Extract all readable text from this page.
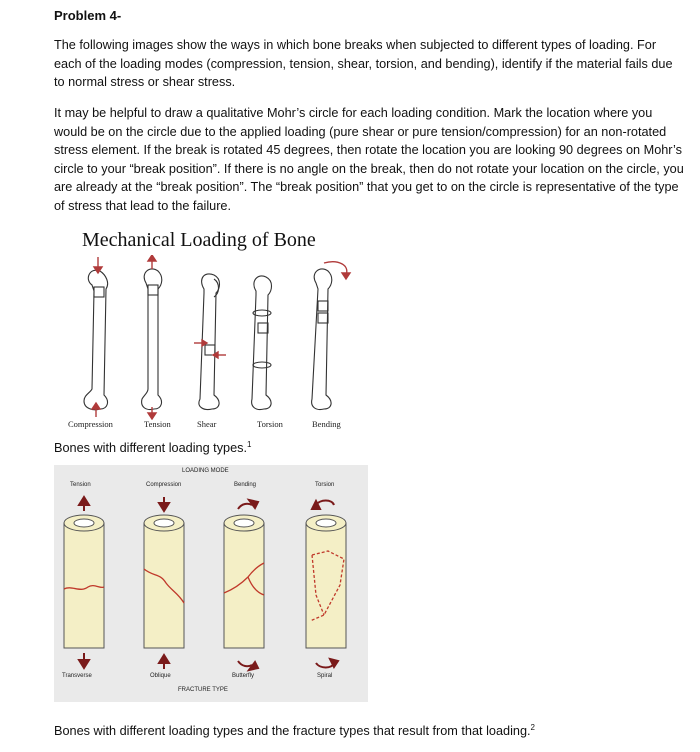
Problem 4-
The following images show the ways in which bone breaks when subjected to different types of loading. For each of the loading modes (compression, tension, shear, torsion, and bending), identify if the material fails due to normal stress or shear stress.
It may be helpful to draw a qualitative Mohr’s circle for each loading condition. Mark the location where you would be on the circle due to the applied loading (pure shear or pure tension/compression) for an non-rotated stress element. If the break is rotated 45 degrees, then rotate the location you are looking 90 degrees on Mohr’s circle to your “break position”. If there is no angle on the break, then do not rotate your location on the circle, you are already at the “break position”. The “break position” that you get to on the circle is representative of the type of stress that lead to the failure.
Mechanical Loading of Bone
Compression	Tension	Shear	Torsion	Bending
Bones with different loading types.$^1$
LOADING MODE
Tension	Compression	Bending	Torsion
Transverse	Oblique	Butterfly	Spiral
FRACTURE TYPE
Bones with different loading types and the fracture types that result from that loading.$^2$
